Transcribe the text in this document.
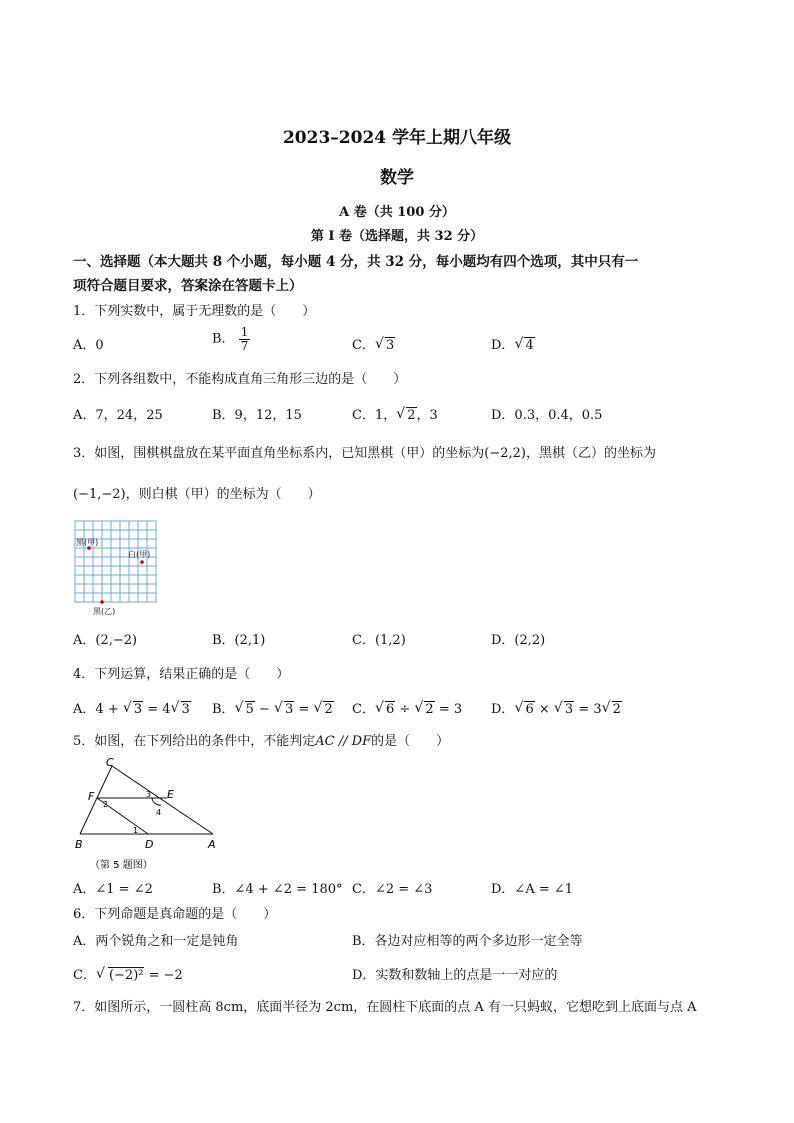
2023–2024 学年上期八年级
数学
A 卷（共 100 分）
第 I 卷（选择题，共 32 分）
一、选择题（本大题共 8 个小题，每小题 4 分，共 32 分，每小题均有四个选项，其中只有一
项符合题目要求，答案涂在答题卡上）
1．下列实数中，属于无理数的是（　　）
A．0	B． $\frac{1}{7}$	C． √ 3	D． √ 4
2．下列各组数中，不能构成直角三角形三边的是（　　）
A．7，24，25	B．9，12，15	C．1， √ 2，3	D．0.3，0.4，0.5
3．如图，围棋棋盘放在某平面直角坐标系内，已知黑棋（甲）的坐标为(−2,2)，黑棋（乙）的坐标为
(−1,−2)，则白棋（甲）的坐标为（　　）
黑(甲)
白(甲)
黑(乙)
A．(2,−2)	B．(2,1)	C．(1,2)	D．(2,2)
4．下列运算，结果正确的是（　　）
A．4 + √ 3 = 4 √ 3 B． √ 5 − √ 3 = √ 2 C． √ 6 ÷ √ 2 = 3 D． √ 6 × √ 3 = 3 √ 2
5．如图，在下列给出的条件中，不能判定AC // DF的是（　　）
C
F	E
B	D	A
1
2
3
4
（第 5 题图）
A．∠1 = ∠2	B．∠4 + ∠2 = 180° C．∠2 = ∠3	D．∠A = ∠1
6．下列命题是真命题的是（　　）
A．两个锐角之和一定是钝角	B．各边对应相等的两个多边形一定全等
C． √ (−2)² = −2	D．实数和数轴上的点是一一对应的
7．如图所示，一圆柱高 8cm，底面半径为 2cm，在圆柱下底面的点 A 有一只蚂蚁，它想吃到上底面与点 A
